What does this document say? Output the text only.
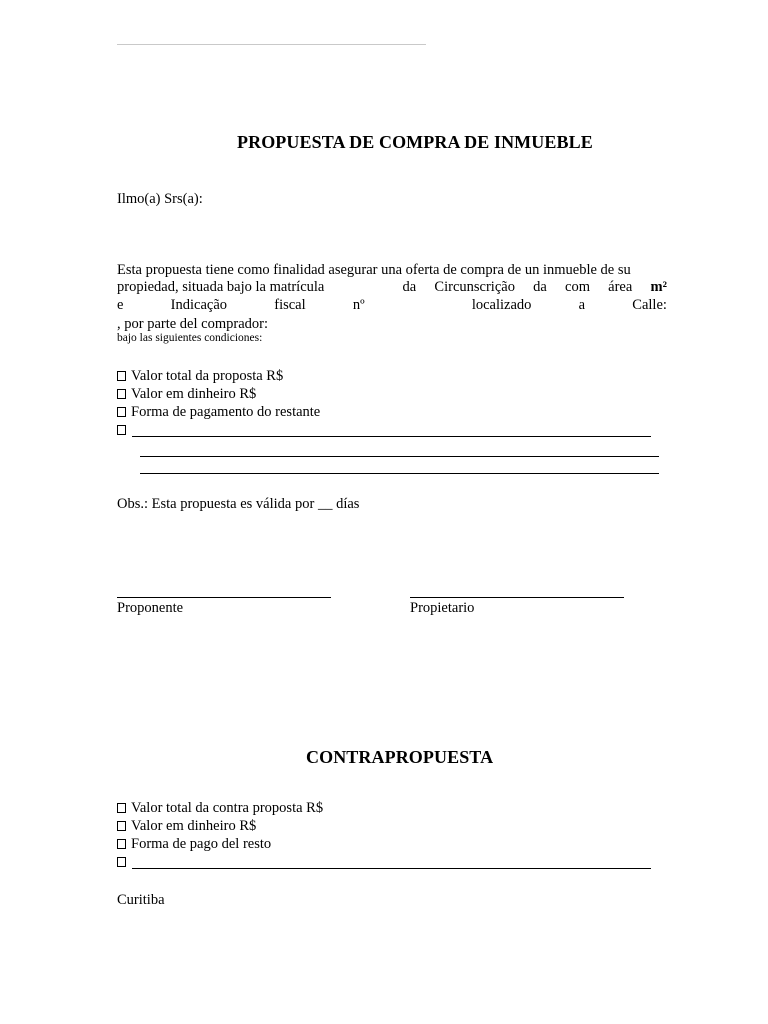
PROPUESTA DE COMPRA DE INMUEBLE
Ilmo(a) Srs(a):
Esta propuesta tiene como finalidad asegurar una oferta de compra de un inmueble de su
propiedad, situada bajo la matrícula	da Circunscrição da com área m²
e	Indicação	fiscal	nº	localizado	a	Calle:
, por parte del comprador:
bajo las siguientes condiciones:
Valor total da proposta R$
Valor em dinheiro R$
Forma de pagamento do restante
Obs.: Esta propuesta es válida por __ días
Proponente	Propietario
CONTRAPROPUESTA
Valor total da contra proposta R$
Valor em dinheiro R$
Forma de pago del resto
Curitiba
